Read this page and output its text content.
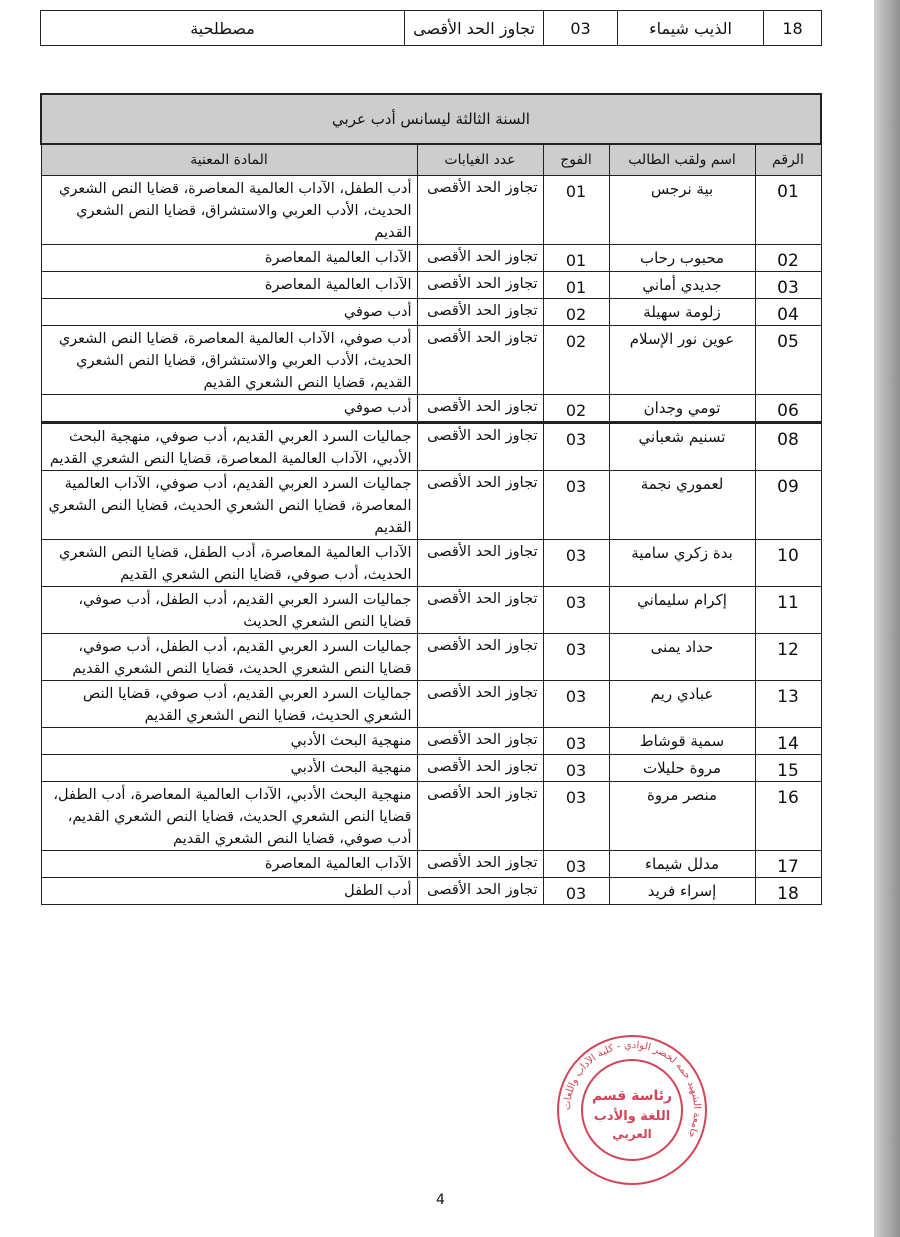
18	الذيب شيماء	03	تجاوز الحد الأقصى	مصطلحية
السنة الثالثة ليسانس أدب عربي				
الرقم	اسم ولقب الطالب	الفوج	عدد الغيابات	المادة المعنية
01	بية نرجس	01	تجاوز الحد الأقصى	أدب الطفل، الآداب العالمية المعاصرة، قضايا النص الشعري الحديث، الأدب العربي والاستشراق، قضايا النص الشعري القديم
02	محبوب رحاب	01	تجاوز الحد الأقصى	الآداب العالمية المعاصرة
03	جديدي أماني	01	تجاوز الحد الأقصى	الآداب العالمية المعاصرة
04	زلومة سهيلة	02	تجاوز الحد الأقصى	أدب صوفي
05	عوين نور الإسلام	02	تجاوز الحد الأقصى	أدب صوفي، الآداب العالمية المعاصرة، قضايا النص الشعري الحديث، الأدب العربي والاستشراق، قضايا النص الشعري القديم، قضايا النص الشعري القديم
06	تومي وجدان	02	تجاوز الحد الأقصى	أدب صوفي
08	تسنيم شعباني	03	تجاوز الحد الأقصى	جماليات السرد العربي القديم، أدب صوفي، منهجية البحث الأدبي، الآداب العالمية المعاصرة، قضايا النص الشعري القديم
09	لعموري نجمة	03	تجاوز الحد الأقصى	جماليات السرد العربي القديم، أدب صوفي، الآداب العالمية المعاصرة، قضايا النص الشعري الحديث، قضايا النص الشعري القديم
10	بدة زكري سامية	03	تجاوز الحد الأقصى	الآداب العالمية المعاصرة، أدب الطفل، قضايا النص الشعري الحديث، أدب صوفي، قضايا النص الشعري القديم
11	إكرام سليماني	03	تجاوز الحد الأقصى	جماليات السرد العربي القديم، أدب الطفل، أدب صوفي، قضايا النص الشعري الحديث
12	حداد يمنى	03	تجاوز الحد الأقصى	جماليات السرد العربي القديم، أدب الطفل، أدب صوفي، قضايا النص الشعري الحديث، قضايا النص الشعري القديم
13	عبادي ريم	03	تجاوز الحد الأقصى	جماليات السرد العربي القديم، أدب صوفي، قضايا النص الشعري الحديث، قضايا النص الشعري القديم
14	سمية قوشاط	03	تجاوز الحد الأقصى	منهجية البحث الأدبي
15	مروة حليلات	03	تجاوز الحد الأقصى	منهجية البحث الأدبي
16	منصر مروة	03	تجاوز الحد الأقصى	منهجية البحث الأدبي، الآداب العالمية المعاصرة، أدب الطفل، قضايا النص الشعري الحديث، قضايا النص الشعري القديم، أدب صوفي، قضايا النص الشعري القديم
17	مدلل شيماء	03	تجاوز الحد الأقصى	الآداب العالمية المعاصرة
18	إسراء فريد	03	تجاوز الحد الأقصى	أدب الطفل
جامعة الشهيد حمه لخضر الوادي - كلية الآداب واللغات
رئاسة قسم
اللغة والأدب
العربي
4
